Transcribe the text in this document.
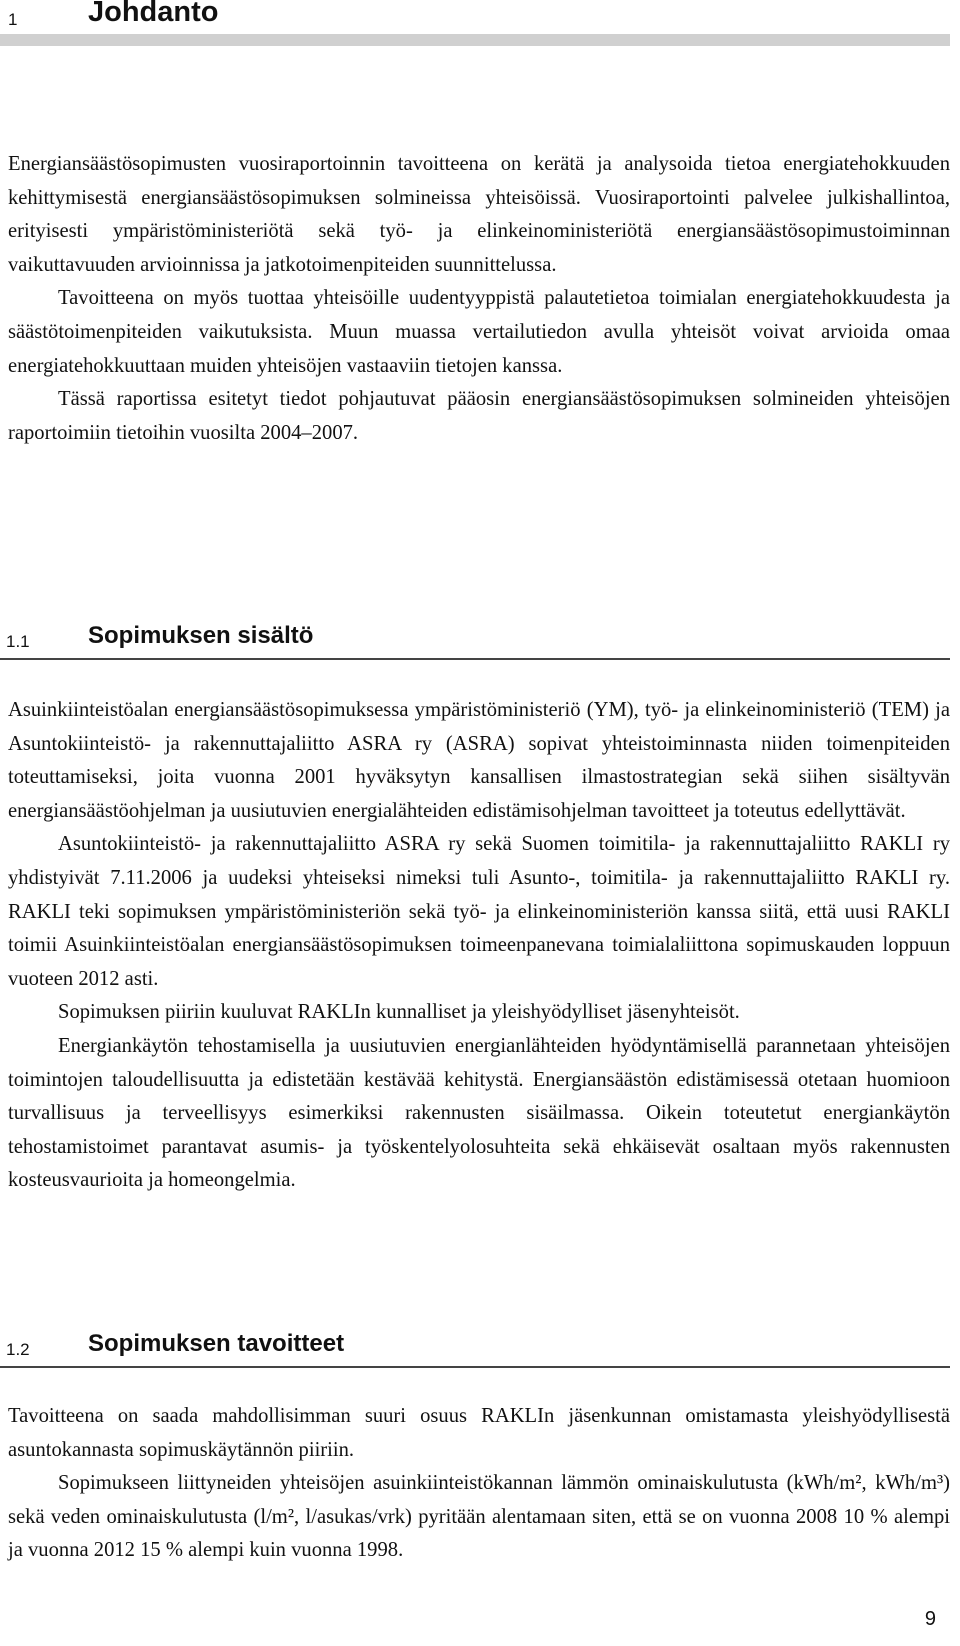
1 Johdanto

Energiansäästösopimusten vuosiraportoinnin tavoitteena on kerätä ja analysoida tietoa energiatehokkuuden kehittymisestä energiansäästösopimuksen solmineissa yhteisöissä. Vuosiraportointi palvelee julkishallintoa, erityisesti ympäristöministeriötä sekä työ- ja elinkeinoministeriötä energiansäästösopimustoiminnan vaikuttavuuden arvioinnissa ja jatkotoimenpiteiden suunnittelussa.

Tavoitteena on myös tuottaa yhteisöille uudentyyppistä palautetietoa toimialan energiatehokkuudesta ja säästötoimenpiteiden vaikutuksista. Muun muassa vertailutiedon avulla yhteisöt voivat arvioida omaa energiatehokkuuttaan muiden yhteisöjen vastaaviin tietojen kanssa.

Tässä raportissa esitetyt tiedot pohjautuvat pääosin energiansäästösopimuksen solmineiden yhteisöjen raportoimiin tietoihin vuosilta 2004–2007.

1.1 Sopimuksen sisältö

Asuinkiinteistöalan energiansäästösopimuksessa ympäristöministeriö (YM), työ- ja elinkeinoministeriö (TEM) ja Asuntokiinteistö- ja rakennuttajaliitto ASRA ry (ASRA) sopivat yhteistoiminnasta niiden toimenpiteiden toteuttamiseksi, joita vuonna 2001 hyväksytyn kansallisen ilmastostrategian sekä siihen sisältyvän energiansäästöohjelman ja uusiutuvien energialähteiden edistämisohjelman tavoitteet ja toteutus edellyttävät.

Asuntokiinteistö- ja rakennuttajaliitto ASRA ry sekä Suomen toimitila- ja rakennuttajaliitto RAKLI ry yhdistyivät 7.11.2006 ja uudeksi yhteiseksi nimeksi tuli Asunto-, toimitila- ja rakennuttajaliitto RAKLI ry. RAKLI teki sopimuksen ympäristöministeriön sekä työ- ja elinkeinoministeriön kanssa siitä, että uusi RAKLI toimii Asuinkiinteistöalan energiansäästösopimuksen toimeenpanevana toimialaliittona sopimuskauden loppuun vuoteen 2012 asti.

Sopimuksen piiriin kuuluvat RAKLIn kunnalliset ja yleishyödylliset jäsenyhteisöt.

Energiankäytön tehostamisella ja uusiutuvien energianlähteiden hyödyntämisellä parannetaan yhteisöjen toimintojen taloudellisuutta ja edistetään kestävää kehitystä. Energiansäästön edistämisessä otetaan huomioon turvallisuus ja terveellisyys esimerkiksi rakennusten sisäilmassa. Oikein toteutetut energiankäytön tehostamistoimet parantavat asumis- ja työskentelyolosuhteita sekä ehkäisevät osaltaan myös rakennusten kosteusvaurioita ja homeongelmia.

1.2 Sopimuksen tavoitteet

Tavoitteena on saada mahdollisimman suuri osuus RAKLIn jäsenkunnan omistamasta yleishyödyllisestä asuntokannasta sopimuskäytännön piiriin.

Sopimukseen liittyneiden yhteisöjen asuinkiinteistökannan lämmön ominaiskulutusta (kWh/m², kWh/m³) sekä veden ominaiskulutusta (l/m², l/asukas/vrk) pyritään alentamaan siten, että se on vuonna 2008 10 % alempi ja vuonna 2012 15 % alempi kuin vuonna 1998.

9
